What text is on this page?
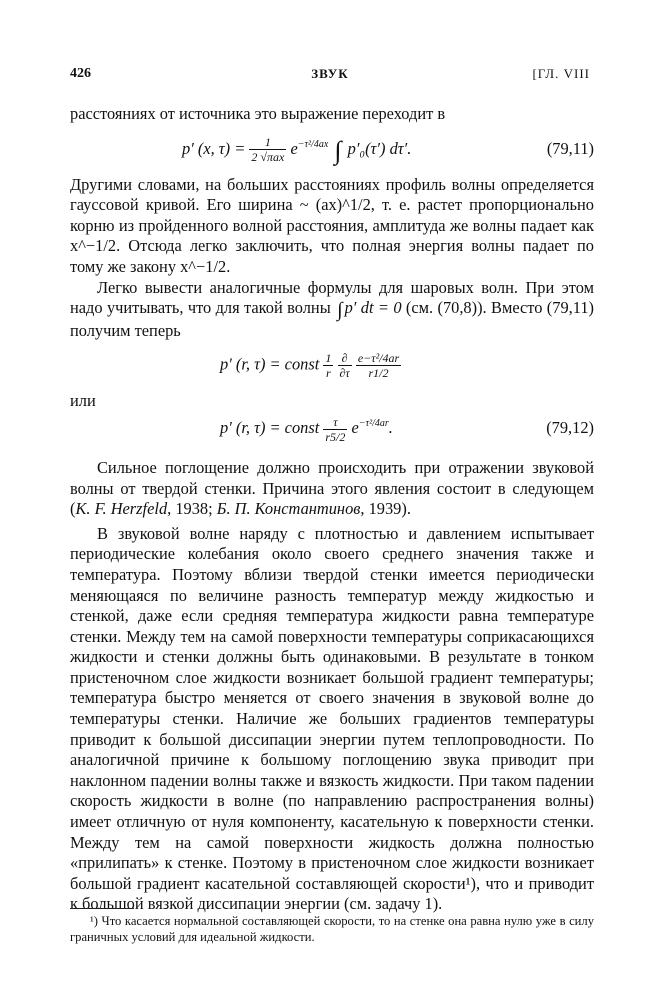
426	ЗВУК	[ГЛ. VIII

расстояниях от источника это выражение переходит в

p′ (x, $\tau) = \frac{1}{\text{2 √πax}} e^{-\tau^2/4ax}$ ∫ p′₀(τ′) dτ′.	(79,11)

Другими словами, на больших расстояниях профиль волны определяется гауссовой кривой. Его ширина ~ (ax)^1/2, т. е. растет пропорционально корню из пройденного волной расстояния, амплитуда же волны падает как x^−1/2. Отсюда легко заключить, что полная энергия волны падает по тому же закону x^−1/2.

Легко вывести аналогичные формулы для шаровых волн. При этом надо учитывать, что для такой волны ∫ p′ dt = 0 (см. (70,8)). Вместо (79,11) получим теперь

p′ (r, τ) = const $\frac{1}{r}$
$\frac{\partial}{\partial\tau}$
$\frac{\text{e−τ²/4ar}}{r1/2}$

или

p′ (r, τ) = const $\frac{\tau}{r5/2} e^{-\tau^2/4ar}$.	(79,12)

Сильное поглощение должно происходить при отражении звуковой волны от твердой стенки. Причина этого явления состоит в следующем (K. F. Herzfeld, 1938; Б. П. Константинов, 1939).

В звуковой волне наряду с плотностью и давлением испытывает периодические колебания около своего среднего значения также и температура. Поэтому вблизи твердой стенки имеется периодически меняющаяся по величине разность температур между жидкостью и стенкой, даже если средняя температура жидкости равна температуре стенки. Между тем на самой поверхности температуры соприкасающихся жидкости и стенки должны быть одинаковыми. В результате в тонком пристеночном слое жидкости возникает большой градиент температуры; температура быстро меняется от своего значения в звуковой волне до температуры стенки. Наличие же больших градиентов температуры приводит к большой диссипации энергии путем теплопроводности. По аналогичной причине к большому поглощению звука приводит при наклонном падении волны также и вязкость жидкости. При таком падении скорость жидкости в волне (по направлению распространения волны) имеет отличную от нуля компоненту, касательную к поверхности стенки. Между тем на самой поверхности жидкость должна полностью «прилипать» к стенке. Поэтому в пристеночном слое жидкости возникает большой градиент касательной составляющей скорости¹), что и приводит к большой вязкой диссипации энергии (см. задачу 1).

¹) Что касается нормальной составляющей скорости, то на стенке она равна нулю уже в силу граничных условий для идеальной жидкости.
